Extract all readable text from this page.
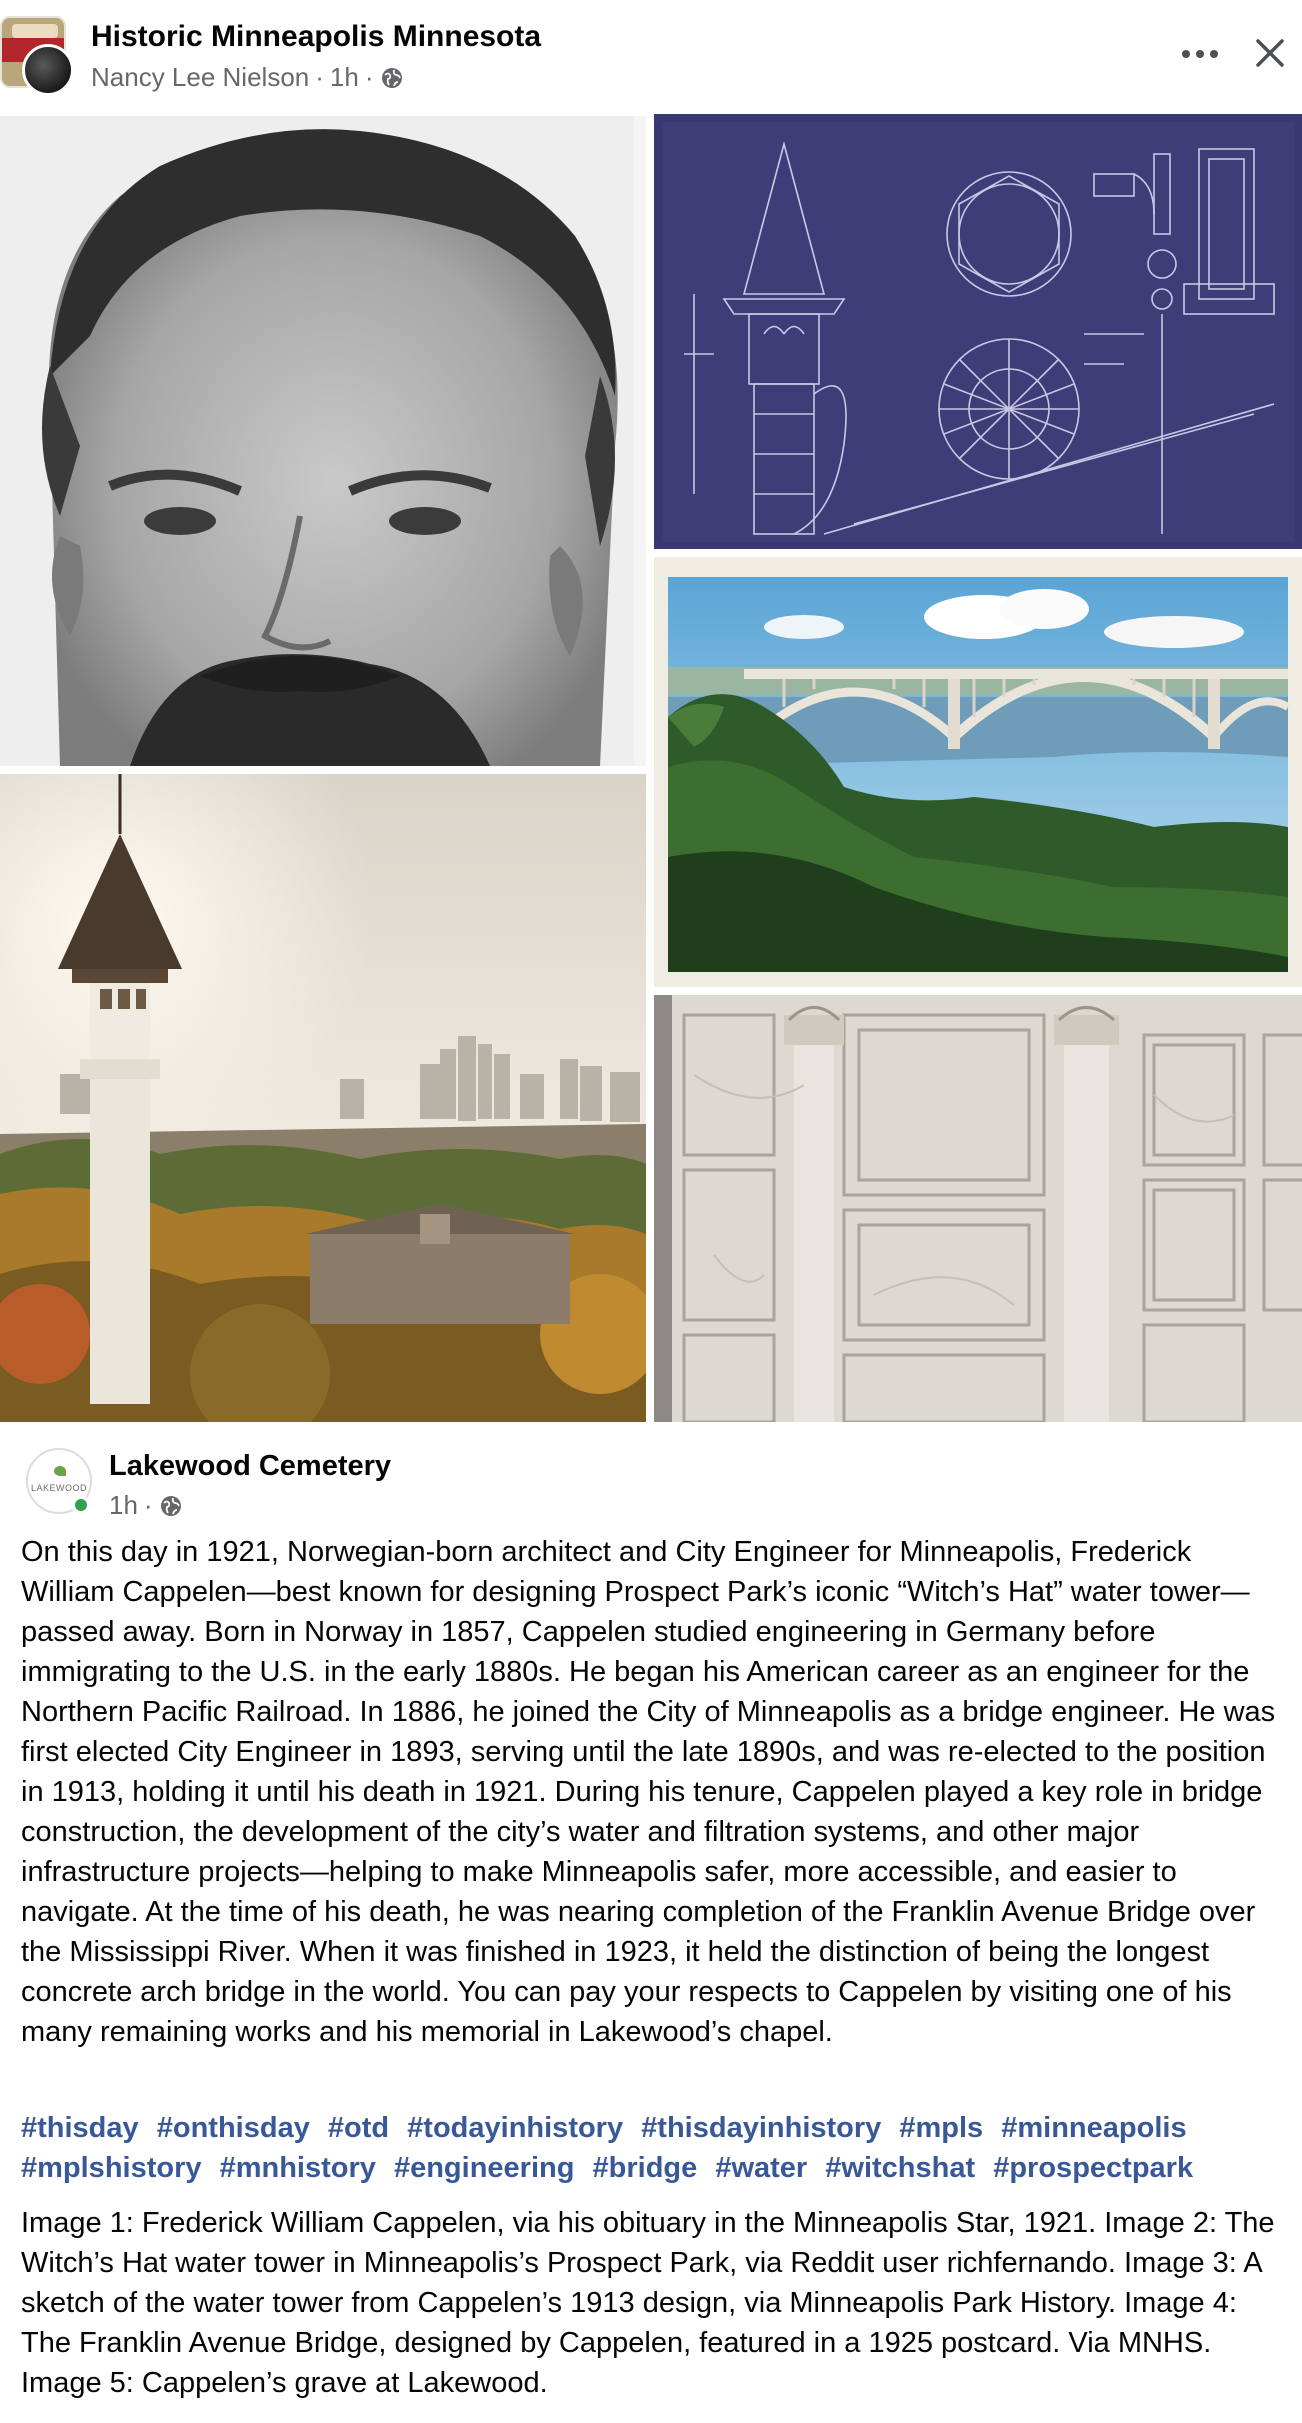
Historic Minneapolis Minnesota
Nancy Lee Nielson · 1h ·
LAKEWOOD
Lakewood Cemetery
1h ·
On this day in 1921, Norwegian-born architect and City Engineer for Minneapolis, Frederick William Cappelen—best known for designing Prospect Park’s iconic “Witch’s Hat” water tower—passed away. Born in Norway in 1857, Cappelen studied engineering in Germany before immigrating to the U.S. in the early 1880s. He began his American career as an engineer for the Northern Pacific Railroad. In 1886, he joined the City of Minneapolis as a bridge engineer. He was first elected City Engineer in 1893, serving until the late 1890s, and was re-elected to the position in 1913, holding it until his death in 1921. During his tenure, Cappelen played a key role in bridge construction, the development of the city’s water and filtration systems, and other major infrastructure projects—helping to make Minneapolis safer, more accessible, and easier to navigate. At the time of his death, he was nearing completion of the Franklin Avenue Bridge over the Mississippi River. When it was finished in 1923, it held the distinction of being the longest concrete arch bridge in the world. You can pay your respects to Cappelen by visiting one of his many remaining works and his memorial in Lakewood’s chapel.
#thisday #onthisday #otd #todayinhistory #thisdayinhistory #mpls #minneapolis #mplshistory #mnhistory #engineering #bridge #water #witchshat #prospectpark
Image 1: Frederick William Cappelen, via his obituary in the Minneapolis Star, 1921. Image 2: The Witch’s Hat water tower in Minneapolis’s Prospect Park, via Reddit user richfernando. Image 3: A sketch of the water tower from Cappelen’s 1913 design, via Minneapolis Park History. Image 4: The Franklin Avenue Bridge, designed by Cappelen, featured in a 1925 postcard. Via MNHS. Image 5: Cappelen’s grave at Lakewood.
